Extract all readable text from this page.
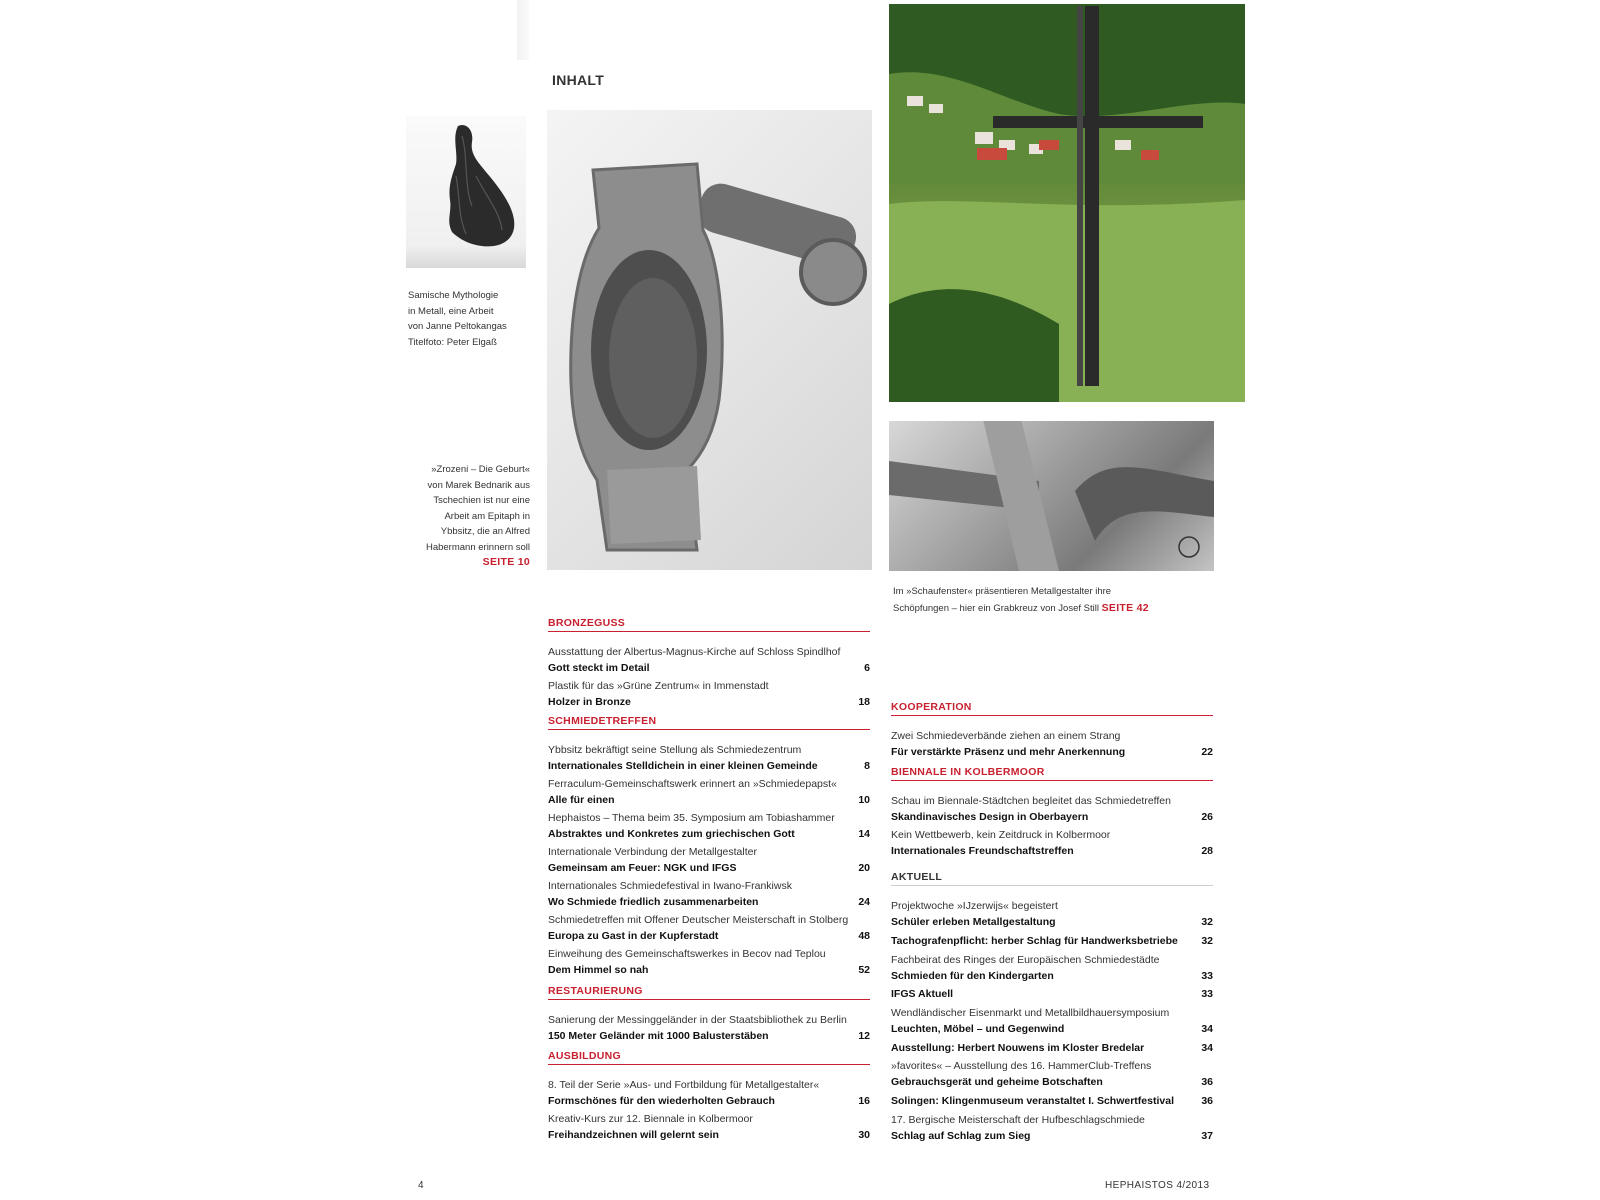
INHALT
Samische Mythologie
in Metall, eine Arbeit
von Janne Peltokangas
Titelfoto: Peter Elgaß
»Zrozeni – Die Geburt«
von Marek Bednarik aus
Tschechien ist nur eine
Arbeit am Epitaph in
Ybbsitz, die an Alfred
Habermann erinnern soll
SEITE 10
Im »Schaufenster« präsentieren Metallgestalter ihre
Schöpfungen – hier ein Grabkreuz von Josef Still SEITE 42
BRONZEGUSS
Ausstattung der Albertus-Magnus-Kirche auf Schloss Spindlhof
Gott steckt im Detail	6
Plastik für das »Grüne Zentrum« in Immenstadt
Holzer in Bronze	18
SCHMIEDETREFFEN
Ybbsitz bekräftigt seine Stellung als Schmiedezentrum
Internationales Stelldichein in einer kleinen Gemeinde	8
Ferraculum-Gemeinschaftswerk erinnert an »Schmiedepapst«
Alle für einen	10
Hephaistos – Thema beim 35. Symposium am Tobiashammer
Abstraktes und Konkretes zum griechischen Gott	14
Internationale Verbindung der Metallgestalter
Gemeinsam am Feuer: NGK und IFGS	20
Internationales Schmiedefestival in Iwano-Frankiwsk
Wo Schmiede friedlich zusammenarbeiten	24
Schmiedetreffen mit Offener Deutscher Meisterschaft in Stolberg
Europa zu Gast in der Kupferstadt	48
Einweihung des Gemeinschaftswerkes in Becov nad Teplou
Dem Himmel so nah	52
RESTAURIERUNG
Sanierung der Messinggeländer in der Staatsbibliothek zu Berlin
150 Meter Geländer mit 1000 Balusterstäben	12
AUSBILDUNG
8. Teil der Serie »Aus- und Fortbildung für Metallgestalter«
Formschönes für den wiederholten Gebrauch	16
Kreativ-Kurs zur 12. Biennale in Kolbermoor
Freihandzeichnen will gelernt sein	30
KOOPERATION
Zwei Schmiedeverbände ziehen an einem Strang
Für verstärkte Präsenz und mehr Anerkennung	22
BIENNALE IN KOLBERMOOR
Schau im Biennale-Städtchen begleitet das Schmiedetreffen
Skandinavisches Design in Oberbayern	26
Kein Wettbewerb, kein Zeitdruck in Kolbermoor
Internationales Freundschaftstreffen	28
AKTUELL
Projektwoche »IJzerwijs« begeistert
Schüler erleben Metallgestaltung	32
Tachografenpflicht: herber Schlag für Handwerksbetriebe 32
Fachbeirat des Ringes der Europäischen Schmiedestädte
Schmieden für den Kindergarten	33
IFGS Aktuell	33
Wendländischer Eisenmarkt und Metallbildhauersymposium
Leuchten, Möbel – und Gegenwind	34
Ausstellung: Herbert Nouwens im Kloster Bredelar	34
»favorites« – Ausstellung des 16. HammerClub-Treffens
Gebrauchsgerät und geheime Botschaften	36
Solingen: Klingenmuseum veranstaltet I. Schwertfestival	36
17. Bergische Meisterschaft der Hufbeschlagschmiede
Schlag auf Schlag zum Sieg	37
4	HEPHAISTOS 4/2013
